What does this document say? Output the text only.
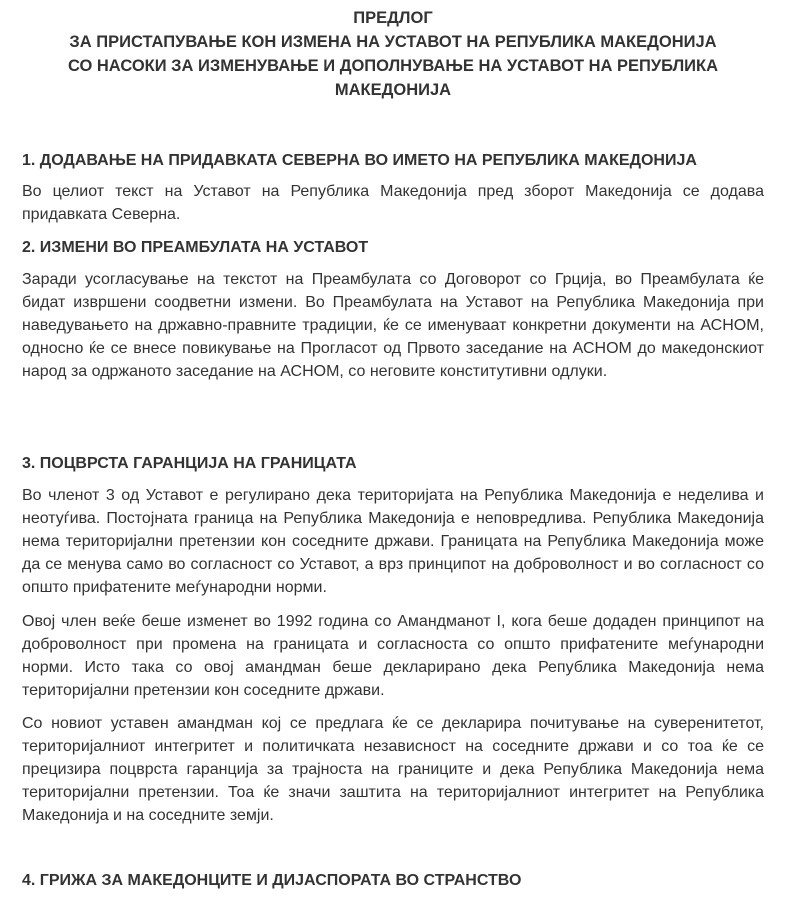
ПРЕДЛОГ
ЗА ПРИСТАПУВАЊЕ КОН ИЗМЕНА НА УСТАВОТ НА РЕПУБЛИКА МАКЕДОНИЈА
СО НАСОКИ ЗА ИЗМЕНУВАЊЕ И ДОПОЛНУВАЊЕ НА УСТАВОТ НА РЕПУБЛИКА
МАКЕДОНИЈА
1. ДОДАВАЊЕ НА ПРИДАВКАТА СЕВЕРНА ВО ИМЕТО НА РЕПУБЛИКА МАКЕДОНИЈА

Во целиот текст на Уставот на Република Македонија пред зборот Македонија се додава придавката Северна.

2. ИЗМЕНИ ВО ПРЕАМБУЛАТА НА УСТАВОТ

Заради усогласување на текстот на Преамбулата со Договорот со Грција, во Преамбулата ќе бидат извршени соодветни измени. Во Преамбулата на Уставот на Република Македонија при наведувањето на државно-правните традиции, ќе се именуваат конкретни документи на АСНОМ, односно ќе се внесе повикување на Прогласот од Првото заседание на АСНОМ до македонскиот народ за одржаното заседание на АСНОМ, со неговите конститутивни одлуки.

3. ПОЦВРСТА ГАРАНЦИЈА НА ГРАНИЦАТА

Во членот 3 од Уставот е регулирано дека територијата на Република Македонија е неделива и неотуѓива. Постојната граница на Република Македонија е неповредлива. Република Македонија нема територијални претензии кон соседните држави. Границата на Република Македонија може да се менува само во согласност со Уставот, а врз принципот на доброволност и во согласност со општо прифатените меѓународни норми.

Овој член веќе беше изменет во 1992 година со Амандманот I, кога беше додаден принципот на доброволност при промена на границата и согласноста со општо прифатените меѓународни норми. Исто така со овој амандман беше декларирано дека Република Македонија нема територијални претензии кон соседните држави.

Со новиот уставен амандман кој се предлага ќе се декларира почитување на суверенитетот, територијалниот интегритет и политичката независност на соседните држави и со тоа ќе се прецизира поцврста гаранција за трајноста на границите и дека Република Македонија нема територијални претензии. Тоа ќе значи заштита на територијалниот интегритет на Република Македонија и на соседните земји.

4. ГРИЖА ЗА МАКЕДОНЦИТЕ И ДИЈАСПОРАТА ВО СТРАНСТВО
